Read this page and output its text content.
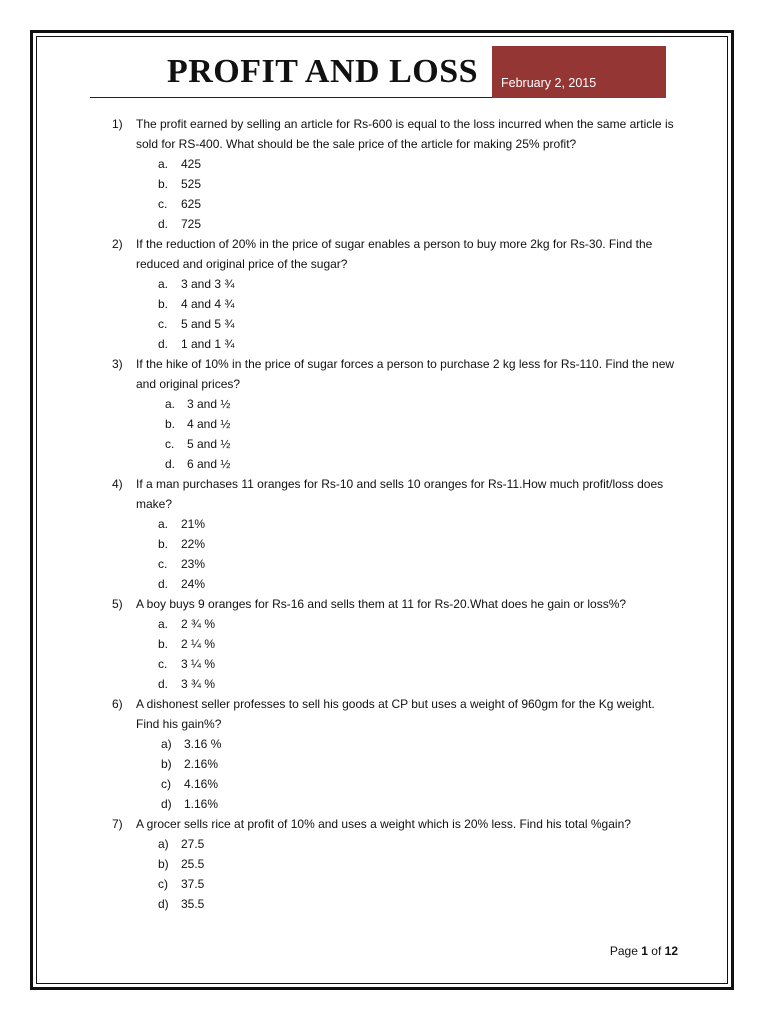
PROFIT AND LOSS	February 2, 2015
1) The profit earned by selling an article for Rs-600 is equal to the loss incurred when the same article is sold for RS-400. What should be the sale price of the article for making 25% profit?
a. 425
b. 525
c. 625
d. 725
2) If the reduction of 20% in the price of sugar enables a person to buy more 2kg for Rs-30. Find the reduced and original price of the sugar?
a. 3 and 3 ¾
b. 4 and 4 ¾
c. 5 and 5 ¾
d. 1 and 1 ¾
3) If the hike of 10% in the price of sugar forces a person to purchase 2 kg less for Rs-110. Find the new and original prices?
a. 3 and ½
b. 4 and ½
c. 5 and ½
d. 6 and ½
4) If a man purchases 11 oranges for Rs-10 and sells 10 oranges for Rs-11.How much profit/loss does make?
a. 21%
b. 22%
c. 23%
d. 24%
5) A boy buys 9 oranges for Rs-16 and sells them at 11 for Rs-20.What does he gain or loss%?
a. 2 ¾ %
b. 2 ¼ %
c. 3 ¼ %
d. 3 ¾ %
6) A dishonest seller professes to sell his goods at CP but uses a weight of 960gm for the Kg weight. Find his gain%?
a) 3.16 %
b) 2.16%
c) 4.16%
d) 1.16%
7) A grocer sells rice at profit of 10% and uses a weight which is 20% less. Find his total %gain?
a) 27.5
b) 25.5
c) 37.5
d) 35.5
Page 1 of 12
